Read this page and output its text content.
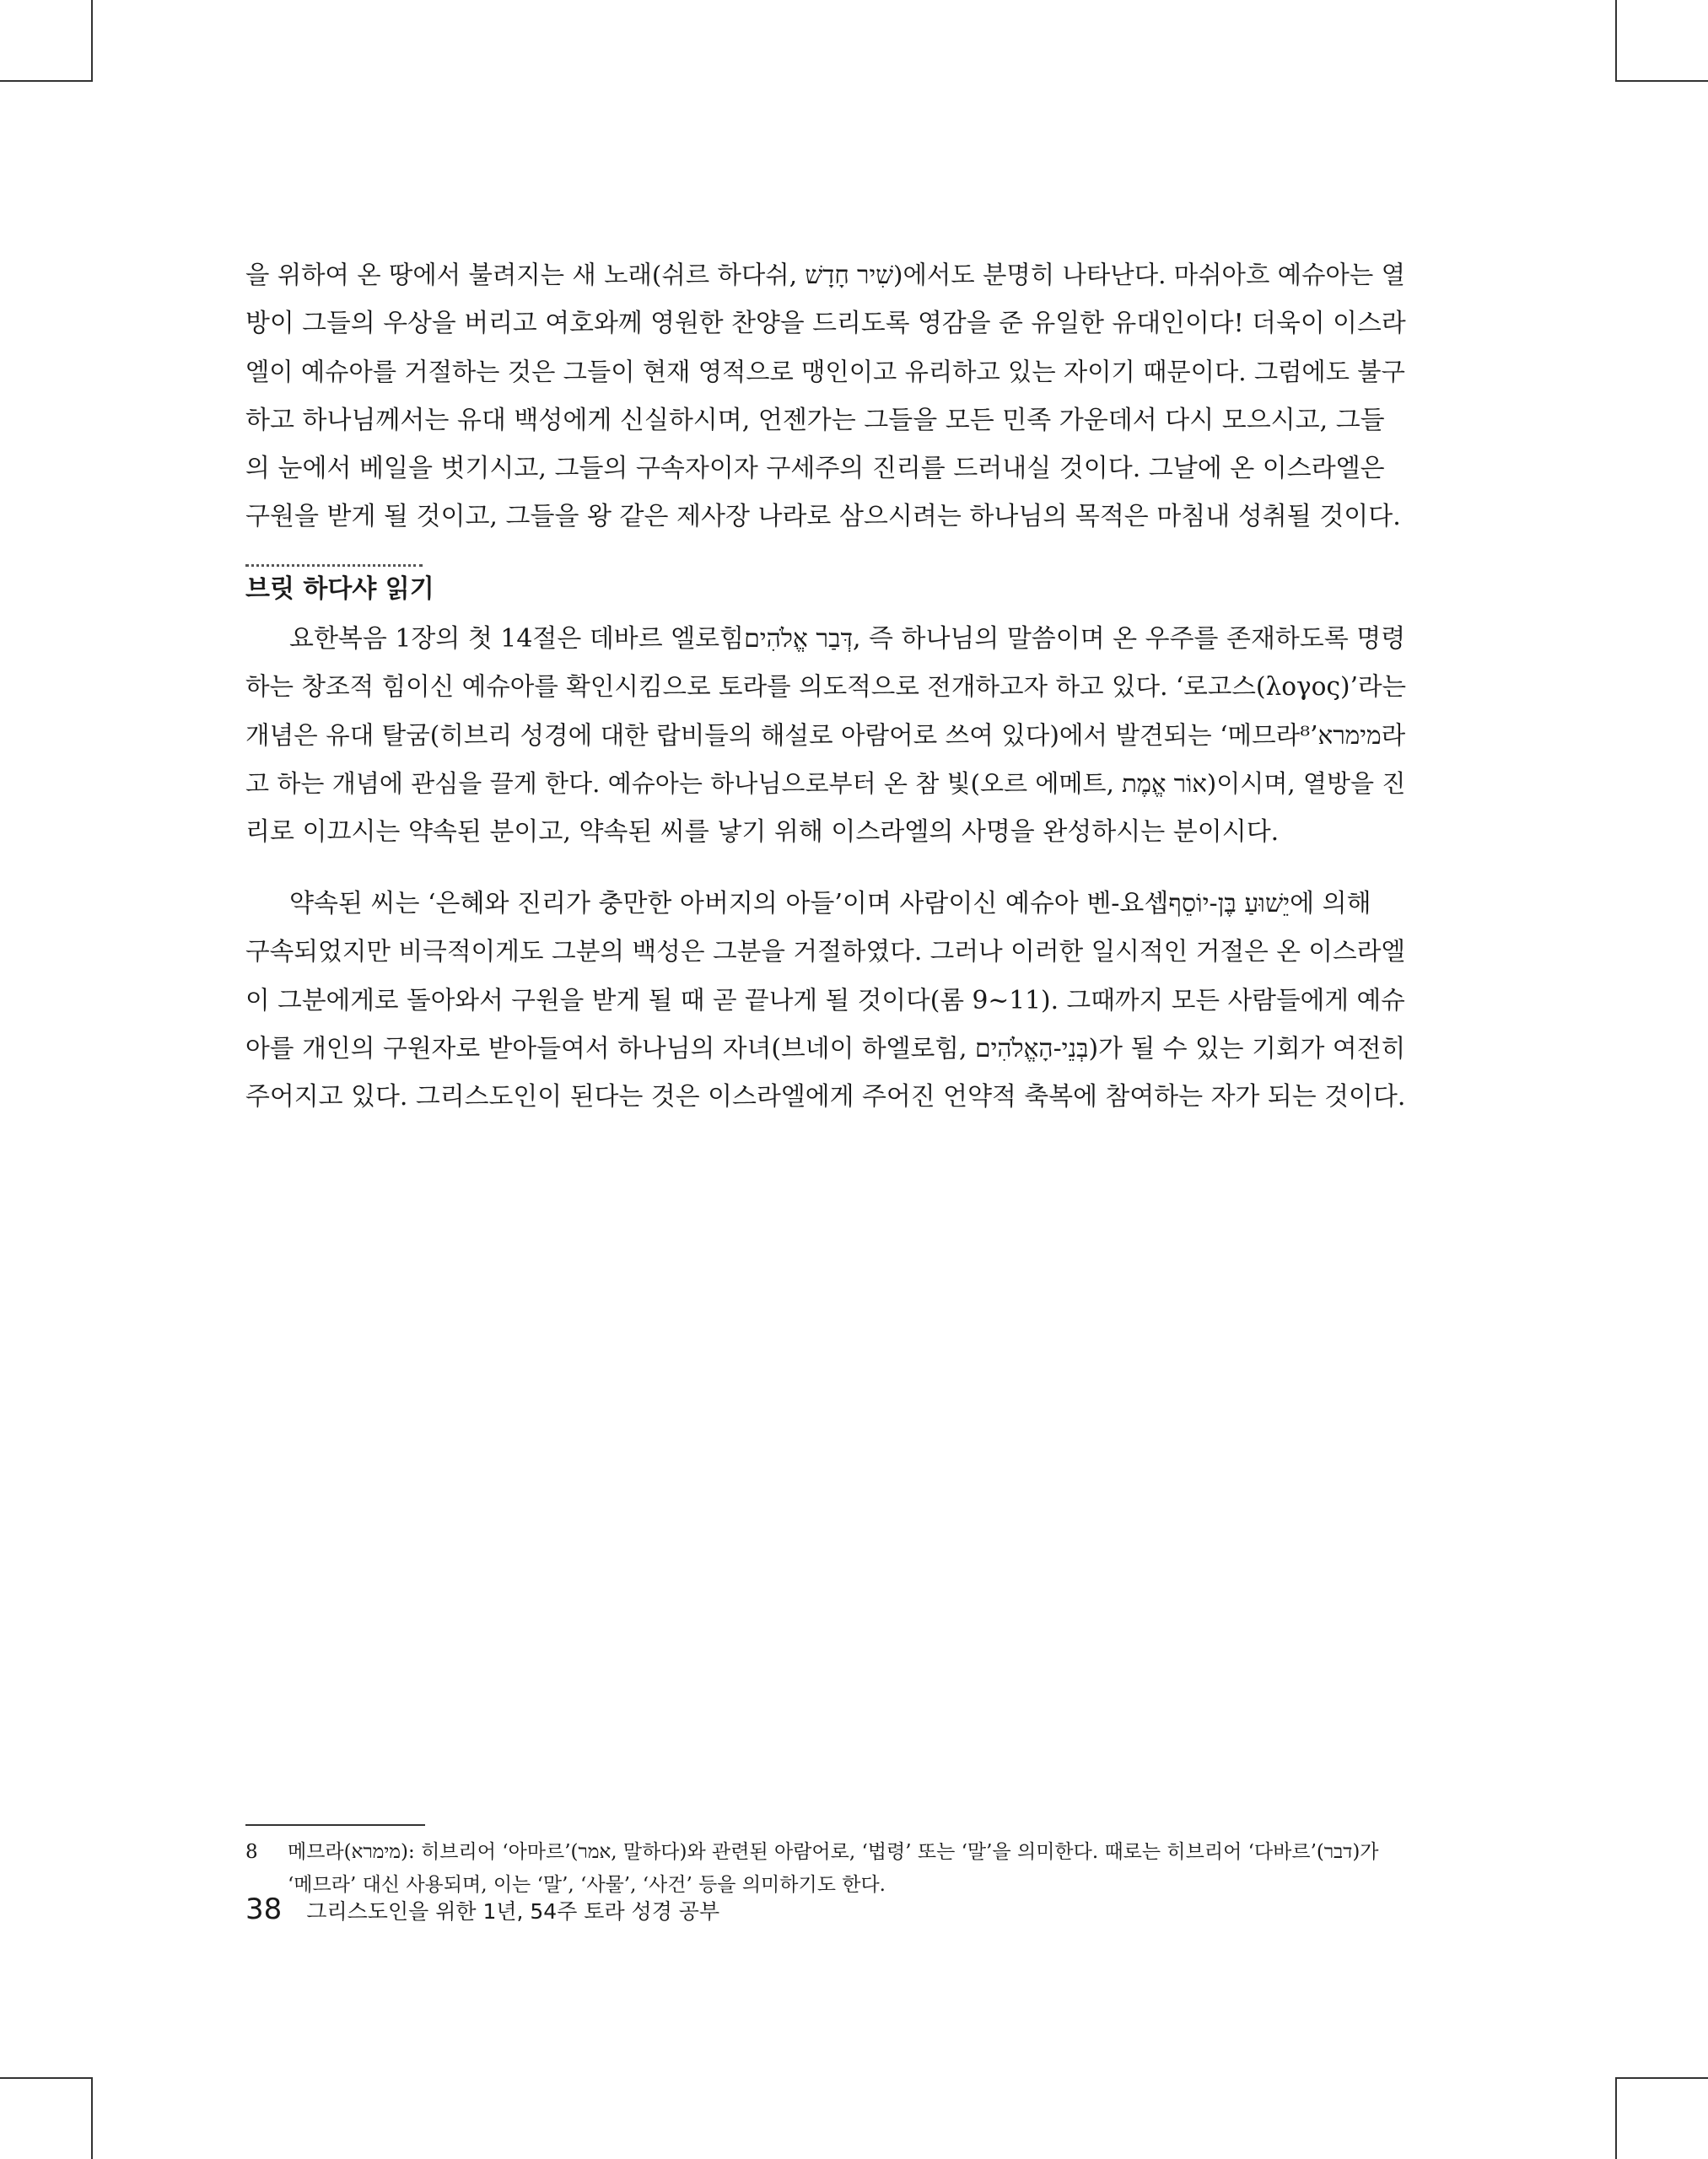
을 위하여 온 땅에서 불려지는 새 노래(쉬르 하다쉬, שִׁיר חָדָשׁ)에서도 분명히 나타난다. 마쉬아흐 예슈아는 열
방이 그들의 우상을 버리고 여호와께 영원한 찬양을 드리도록 영감을 준 유일한 유대인이다! 더욱이 이스라
엘이 예슈아를 거절하는 것은 그들이 현재 영적으로 맹인이고 유리하고 있는 자이기 때문이다. 그럼에도 불구
하고 하나님께서는 유대 백성에게 신실하시며, 언젠가는 그들을 모든 민족 가운데서 다시 모으시고, 그들
의 눈에서 베일을 벗기시고, 그들의 구속자이자 구세주의 진리를 드러내실 것이다. 그날에 온 이스라엘은
구원을 받게 될 것이고, 그들을 왕 같은 제사장 나라로 삼으시려는 하나님의 목적은 마침내 성취될 것이다.

브릿 하다샤 읽기

요한복음 1장의 첫 14절은 데바르 엘로힘דְּבַר אֱלֹהִים, 즉 하나님의 말씀이며 온 우주를 존재하도록 명령
하는 창조적 힘이신 예슈아를 확인시킴으로 토라를 의도적으로 전개하고자 하고 있다. ‘로고스(λογος)’라는
개념은 유대 탈굼(히브리 성경에 대한 랍비들의 해설로 아람어로 쓰여 있다)에서 발견되는 ‘메므라מימרא’⁸라
고 하는 개념에 관심을 끌게 한다. 예슈아는 하나님으로부터 온 참 빛(오르 에메트, אוֹר אֱמֶת)이시며, 열방을 진
리로 이끄시는 약속된 분이고, 약속된 씨를 낳기 위해 이스라엘의 사명을 완성하시는 분이시다.

약속된 씨는 ‘은혜와 진리가 충만한 아버지의 아들’이며 사람이신 예슈아 벤-요셉יֵשׁוּעַ בֶּן-יוֹסֵף에 의해
구속되었지만 비극적이게도 그분의 백성은 그분을 거절하였다. 그러나 이러한 일시적인 거절은 온 이스라엘
이 그분에게로 돌아와서 구원을 받게 될 때 곧 끝나게 될 것이다(롬 9~11). 그때까지 모든 사람들에게 예슈
아를 개인의 구원자로 받아들여서 하나님의 자녀(브네이 하엘로힘, בְּנֵי-הָאֱלֹהִים)가 될 수 있는 기회가 여전히
주어지고 있다. 그리스도인이 된다는 것은 이스라엘에게 주어진 언약적 축복에 참여하는 자가 되는 것이다.

8 메므라(מימרא): 히브리어 ‘아마르’(אמר, 말하다)와 관련된 아람어로, ‘법령’ 또는 ‘말’을 의미한다. 때로는 히브리어 ‘다바르’(דבר)가
‘메므라’ 대신 사용되며, 이는 ‘말’, ‘사물’, ‘사건’ 등을 의미하기도 한다.
38 그리스도인을 위한 1년, 54주 토라 성경 공부
